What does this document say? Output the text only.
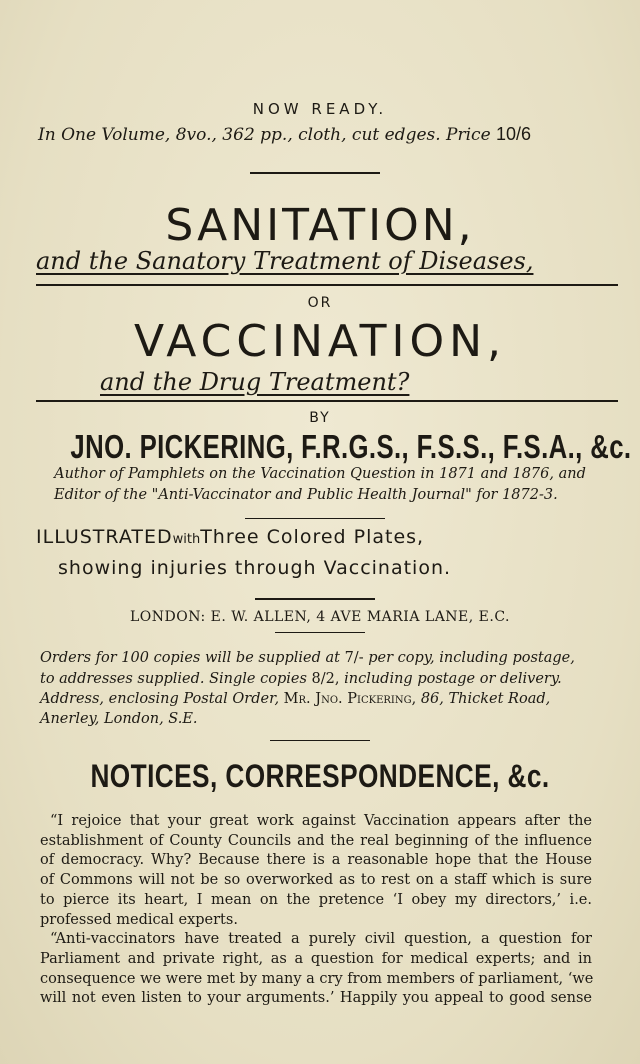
NOW READY.
In One Volume, 8vo., 362 pp., cloth, cut edges. Price 10/6
SANITATION,
and the Sanatory Treatment of Diseases,
OR
VACCINATION,
and the Drug Treatment?
BY
JNO. PICKERING, F.R.G.S., F.S.S., F.S.A., &c.
Author of Pamphlets on the Vaccination Question in 1871 and 1876, and
Editor of the "Anti-Vaccinator and Public Health Journal" for 1872-3.
ILLUSTRATEDwithThree Colored Plates,
showing injuries through Vaccination.
LONDON: E. W. ALLEN, 4 AVE MARIA LANE, E.C.
Orders for 100 copies will be supplied at 7/- per copy, including postage,
to addresses supplied. Single copies 8/2, including postage or delivery.
Address, enclosing Postal Order, Mr. Jno. Pickering, 86, Thicket Road,
Anerley, London, S.E.
NOTICES, CORRESPONDENCE, &c.
“I rejoice that your great work against Vaccination appears after the
establishment of County Councils and the real beginning of the influence
of democracy. Why? Because there is a reasonable hope that the House
of Commons will not be so overworked as to rest on a staff which is sure
to pierce its heart, I mean on the pretence ‘I obey my directors,’ i.e.
professed medical experts.
“Anti-vaccinators have treated a purely civil question, a question for
Parliament and private right, as a question for medical experts; and in
consequence we were met by many a cry from members of parliament, ‘we
will not even listen to your arguments.’ Happily you appeal to good sense
